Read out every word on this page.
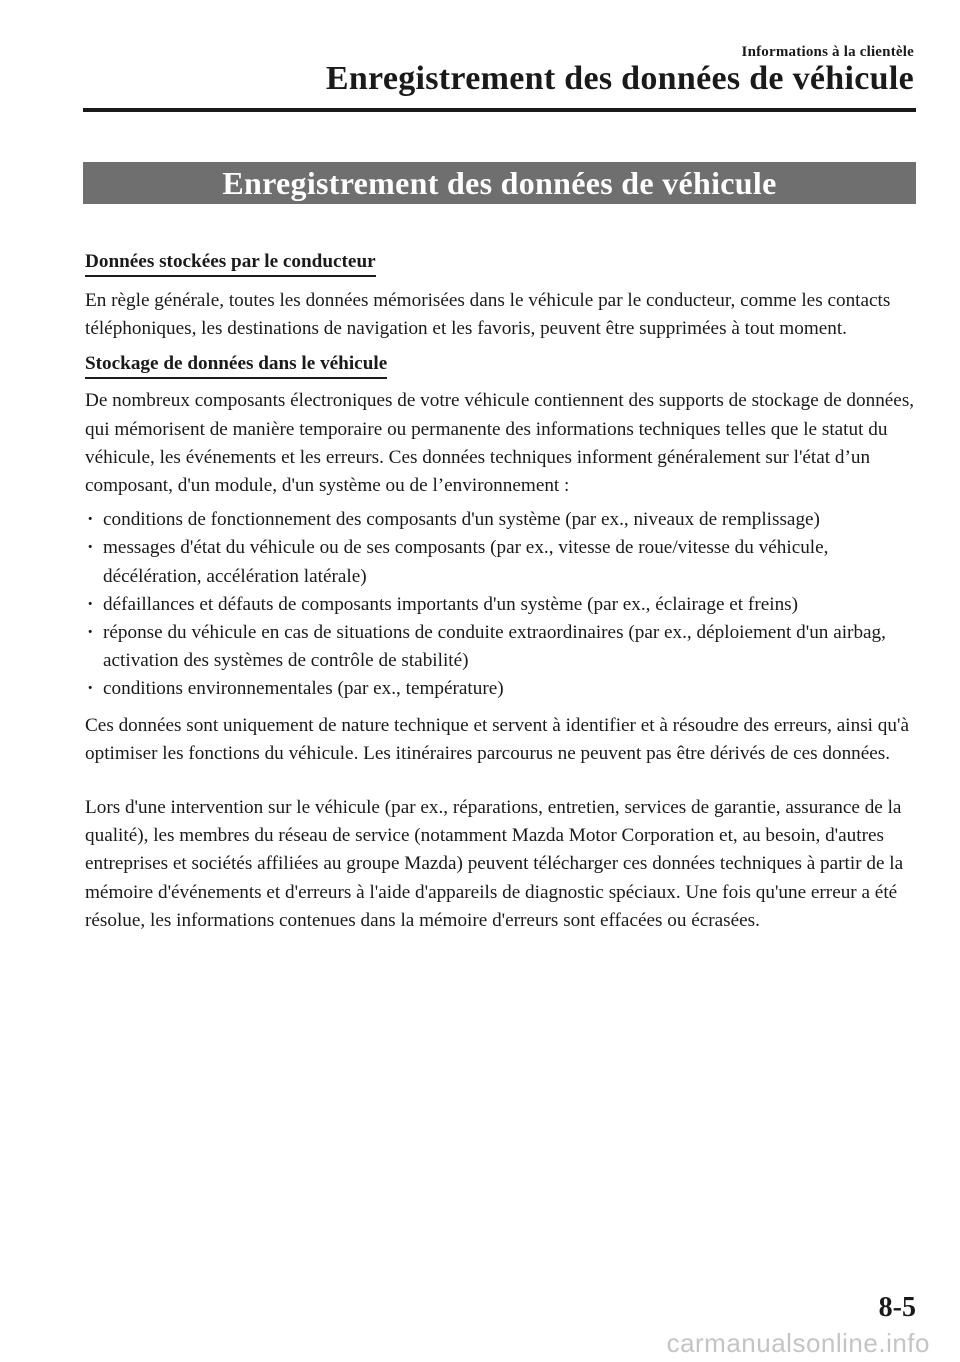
Informations à la clientèle
Enregistrement des données de véhicule
Enregistrement des données de véhicule
Données stockées par le conducteur

En règle générale, toutes les données mémorisées dans le véhicule par le conducteur, comme les contacts téléphoniques, les destinations de navigation et les favoris, peuvent être supprimées à tout moment.

Stockage de données dans le véhicule

De nombreux composants électroniques de votre véhicule contiennent des supports de stockage de données, qui mémorisent de manière temporaire ou permanente des informations techniques telles que le statut du véhicule, les événements et les erreurs. Ces données techniques informent généralement sur l'état d’un composant, d'un module, d'un système ou de l’environnement :

· conditions de fonctionnement des composants d'un système (par ex., niveaux de remplissage)
· messages d'état du véhicule ou de ses composants (par ex., vitesse de roue/vitesse du véhicule, décélération, accélération latérale)
· défaillances et défauts de composants importants d'un système (par ex., éclairage et freins)
· réponse du véhicule en cas de situations de conduite extraordinaires (par ex., déploiement d'un airbag, activation des systèmes de contrôle de stabilité)
· conditions environnementales (par ex., température)

Ces données sont uniquement de nature technique et servent à identifier et à résoudre des erreurs, ainsi qu'à optimiser les fonctions du véhicule. Les itinéraires parcourus ne peuvent pas être dérivés de ces données.

Lors d'une intervention sur le véhicule (par ex., réparations, entretien, services de garantie, assurance de la qualité), les membres du réseau de service (notamment Mazda Motor Corporation et, au besoin, d'autres entreprises et sociétés affiliées au groupe Mazda) peuvent télécharger ces données techniques à partir de la mémoire d'événements et d'erreurs à l'aide d'appareils de diagnostic spéciaux. Une fois qu'une erreur a été résolue, les informations contenues dans la mémoire d'erreurs sont effacées ou écrasées.

8-5
carmanualsonline.info
